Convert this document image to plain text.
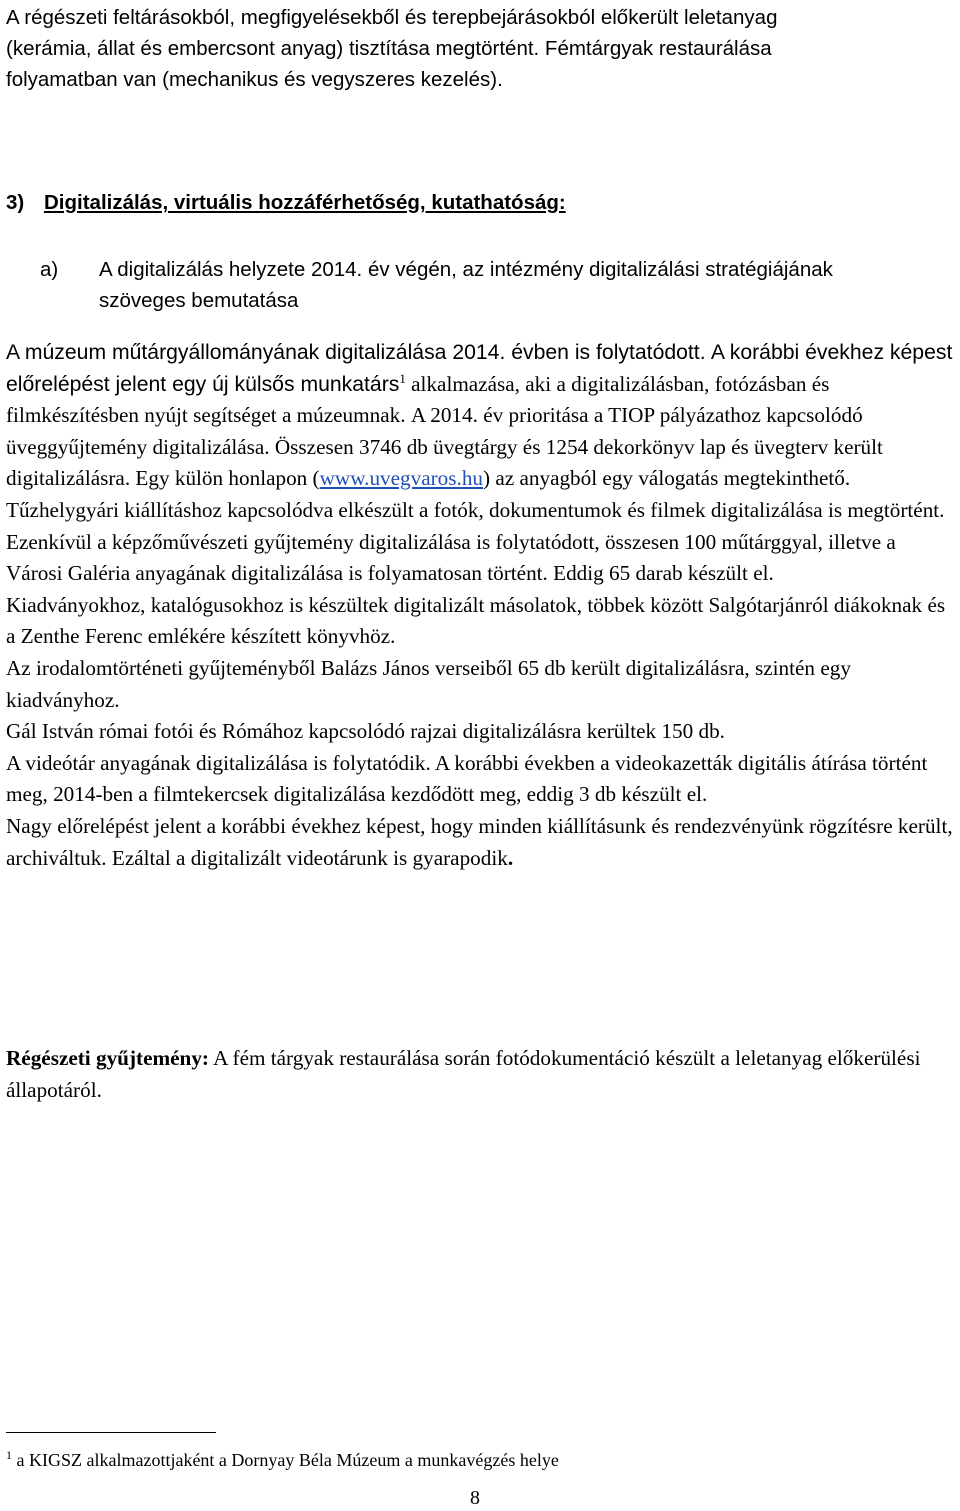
A régészeti feltárásokból, megfigyelésekből és terepbejárásokból előkerült leletanyag
(kerámia, állat és embercsont anyag) tisztítása megtörtént. Fémtárgyak restaurálása
folyamatban van (mechanikus és vegyszeres kezelés).
3) Digitalizálás, virtuális hozzáférhetőség, kutathatóság:
a) A digitalizálás helyzete 2014. év végén, az intézmény digitalizálási stratégiájának
szöveges bemutatása

A múzeum műtárgyállományának digitalizálása 2014. évben is folytatódott. A korábbi évekhez képest előrelépést jelent egy új külsős munkatárs$^1$ alkalmazása, aki a digitalizálásban, fotózásban és filmkészítésben nyújt segítséget a múzeumnak. A 2014. év prioritása a TIOP pályázathoz kapcsolódó üveggyűjtemény digitalizálása. Összesen 3746 db üvegtárgy és 1254 dekorkönyv lap és üvegterv került digitalizálásra. Egy külön honlapon (www.uvegvaros.hu) az anyagból egy válogatás megtekinthető.

Tűzhelygyári kiállításhoz kapcsolódva elkészült a fotók, dokumentumok és filmek digitalizálása is megtörtént.

Ezenkívül a képzőművészeti gyűjtemény digitalizálása is folytatódott, összesen 100 műtárggyal, illetve a Városi Galéria anyagának digitalizálása is folyamatosan történt. Eddig 65 darab készült el.

Kiadványokhoz, katalógusokhoz is készültek digitalizált másolatok, többek között Salgótarjánról diákoknak és a Zenthe Ferenc emlékére készített könyvhöz.

Az irodalomtörténeti gyűjteményből Balázs János verseiből 65 db került digitalizálásra, szintén egy kiadványhoz.

Gál István római fotói és Rómához kapcsolódó rajzai digitalizálásra kerültek 150 db.

A videótár anyagának digitalizálása is folytatódik. A korábbi években a videokazetták digitális átírása történt meg, 2014-ben a filmtekercsek digitalizálása kezdődött meg, eddig 3 db készült el.

Nagy előrelépést jelent a korábbi évekhez képest, hogy minden kiállításunk és rendezvényünk rögzítésre került, archiváltuk. Ezáltal a digitalizált videotárunk is gyarapodik.

Régészeti gyűjtemény: A fém tárgyak restaurálása során fotódokumentáció készült a leletanyag előkerülési állapotáról.
$^1$ a KIGSZ alkalmazottjaként a Dornyay Béla Múzeum a munkavégzés helye
8
